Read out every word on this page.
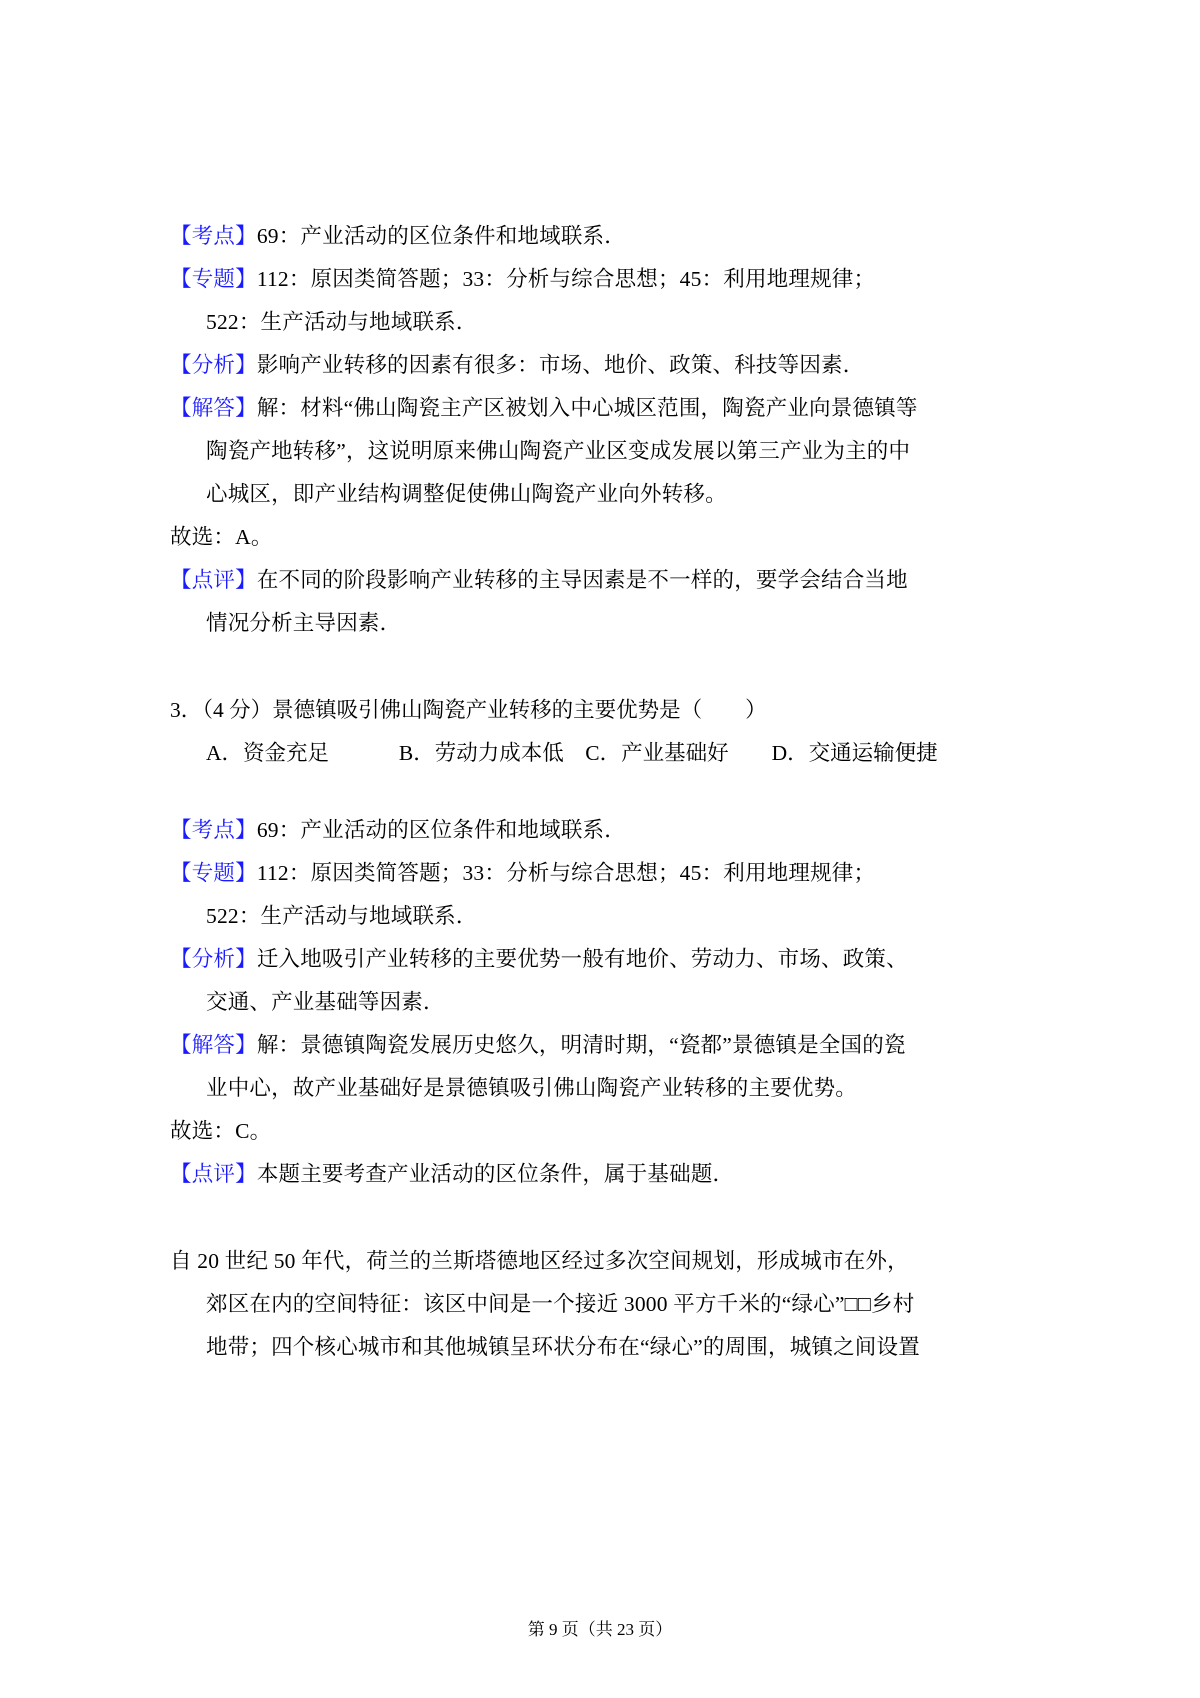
【考点】69：产业活动的区位条件和地域联系．
【专题】112：原因类简答题；33：分析与综合思想；45：利用地理规律；
522：生产活动与地域联系．
【分析】影响产业转移的因素有很多：市场、地价、政策、科技等因素．
【解答】解：材料“佛山陶瓷主产区被划入中心城区范围，陶瓷产业向景德镇等
陶瓷产地转移”，这说明原来佛山陶瓷产业区变成发展以第三产业为主的中
心城区，即产业结构调整促使佛山陶瓷产业向外转移。
故选：A。
【点评】在不同的阶段影响产业转移的主导因素是不一样的，要学会结合当地
情况分析主导因素．
3．（4 分）景德镇吸引佛山陶瓷产业转移的主要优势是（　　）
A．资金充足　　　 B．劳动力成本低　C．产业基础好　　D．交通运输便捷
【考点】69：产业活动的区位条件和地域联系．
【专题】112：原因类简答题；33：分析与综合思想；45：利用地理规律；
522：生产活动与地域联系．
【分析】迁入地吸引产业转移的主要优势一般有地价、劳动力、市场、政策、
交通、产业基础等因素．
【解答】解：景德镇陶瓷发展历史悠久，明清时期，“瓷都”景德镇是全国的瓷
业中心，故产业基础好是景德镇吸引佛山陶瓷产业转移的主要优势。
故选：C。
【点评】本题主要考查产业活动的区位条件，属于基础题．
自 20 世纪 50 年代，荷兰的兰斯塔德地区经过多次空间规划，形成城市在外，
郊区在内的空间特征：该区中间是一个接近 3000 平方千米的“绿心”□□乡村
地带；四个核心城市和其他城镇呈环状分布在“绿心”的周围，城镇之间设置
第 9 页（共 23 页）
